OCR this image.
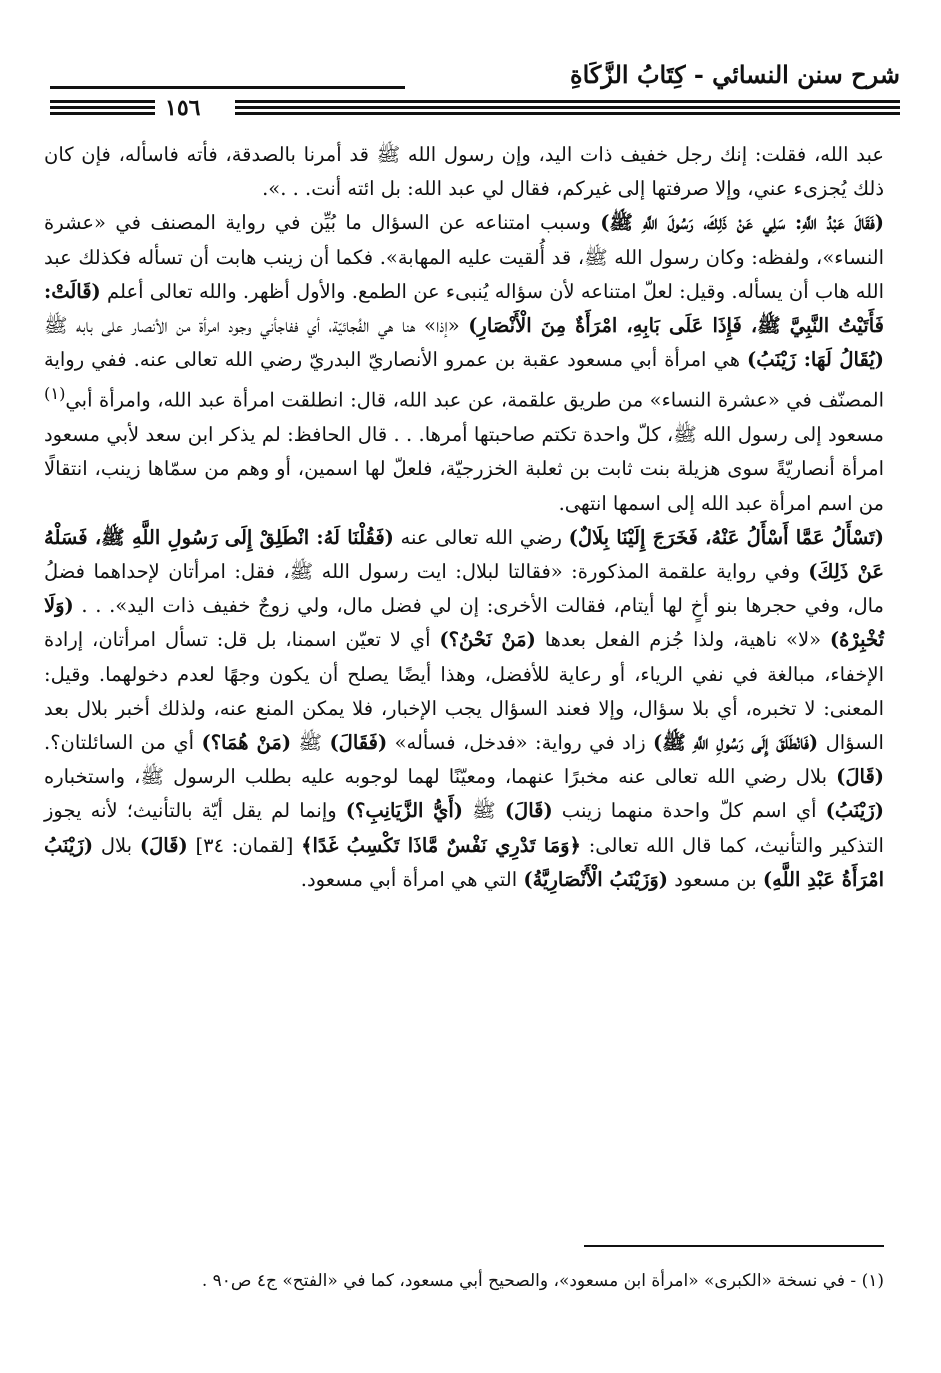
شرح سنن النسائي - كِتَابُ الزَّكَاةِ
١٥٦

عبد الله، فقلت: إنك رجل خفيف ذات اليد، وإن رسول الله ﷺ قد أمرنا بالصدقة، فأته فاسأله، فإن كان ذلك يُجزىء عني، وإلا صرفتها إلى غيركم، فقال لي عبد الله: بل ائته أنت. . .».

(فَقَالَ عَبْدُ اللَّهِ: سَلِي عَنْ ذَلِكَ، رَسُولَ اللَّهِ ﷺ) وسبب امتناعه عن السؤال ما بُيِّن في رواية المصنف في «عشرة النساء»، ولفظه: وكان رسول الله ﷺ، قد أُلقيت عليه المهابة». فكما أن زينب هابت أن تسأله فكذلك عبد الله هاب أن يسأله. وقيل: لعلّ امتناعه لأن سؤاله يُنبىء عن الطمع. والأول أظهر. والله تعالى أعلم (قَالَتْ: فَأَتَيْتُ النَّبِيَّ ﷺ، فَإِذَا عَلَى بَابِهِ، امْرَأَةٌ مِنَ الْأَنْصَارِ) «إذا» هنا هي الفُجائيّة، أي ففاجأني وجود امرأة من الأنصار على بابه ﷺ (يُقَالُ لَهَا: زَيْنَبُ) هي امرأة أبي مسعود عقبة بن عمرو الأنصاريّ البدريّ رضي الله تعالى عنه. ففي رواية المصنّف في «عشرة النساء» من طريق علقمة، عن عبد الله، قال: انطلقت امرأة عبد الله، وامرأة أبي$^{(١)}$ مسعود إلى رسول الله ﷺ، كلّ واحدة تكتم صاحبتها أمرها. . . قال الحافظ: لم يذكر ابن سعد لأبي مسعود امرأة أنصاريّةً سوى هزيلة بنت ثابت بن ثعلبة الخزرجيّة، فلعلّ لها اسمين، أو وهم من سمّاها زينب، انتقالًا من اسم امرأة عبد الله إلى اسمها انتهى.

(تَسْأَلُ عَمَّا أَسْأَلُ عَنْهُ، فَخَرَجَ إِلَيْنَا بِلَالٌ) رضي الله تعالى عنه (فَقُلْنَا لَهُ: انْطَلِقْ إِلَى رَسُولِ اللَّهِ ﷺ، فَسَلْهُ عَنْ ذَلِكَ) وفي رواية علقمة المذكورة: «فقالتا لبلال: ايت رسول الله ﷺ، فقل: امرأتان لإحداهما فضلُ مال، وفي حجرها بنو أخٍ لها أيتام، فقالت الأخرى: إن لي فضل مال، ولي زوجٌ خفيف ذات اليد». . . (وَلَا تُخْبِرْهُ) «لا» ناهية، ولذا جُزم الفعل بعدها (مَنْ نَحْنُ؟) أي لا تعيّن اسمنا، بل قل: تسأل امرأتان، إرادة الإخفاء، مبالغة في نفي الرياء، أو رعاية للأفضل، وهذا أيضًا يصلح أن يكون وجهًا لعدم دخولهما. وقيل: المعنى: لا تخبره، أي بلا سؤال، وإلا فعند السؤال يجب الإخبار، فلا يمكن المنع عنه، ولذلك أخبر بلال بعد السؤال (فَانْطَلَقَ إِلَى رَسُولِ اللَّهِ ﷺ) زاد في رواية: «فدخل، فسأله» (فَقَالَ) ﷺ (مَنْ هُمَا؟) أي من السائلتان؟. (قَالَ) بلال رضي الله تعالى عنه مخبرًا عنهما، ومعيّنًا لهما لوجوبه عليه بطلب الرسول ﷺ، واستخباره (زَيْنَبُ) أي اسم كلّ واحدة منهما زينب (قَالَ) ﷺ (أَيُّ الزَّيَانِبِ؟) وإنما لم يقل أيّة بالتأنيث؛ لأنه يجوز التذكير والتأنيث، كما قال الله تعالى: ﴿وَمَا تَدْرِي نَفْسٌ مَّاذَا تَكْسِبُ غَدًا﴾ [لقمان: ٣٤] (قَالَ) بلال (زَيْنَبُ امْرَأَةُ عَبْدِ اللَّهِ) بن مسعود (وَزَيْنَبُ الْأَنْصَارِيَّةُ) التي هي امرأة أبي مسعود.

(١) - في نسخة «الكبرى» «امرأة ابن مسعود»، والصحيح أبي مسعود، كما في «الفتح» ج٤ ص٩٠ .
